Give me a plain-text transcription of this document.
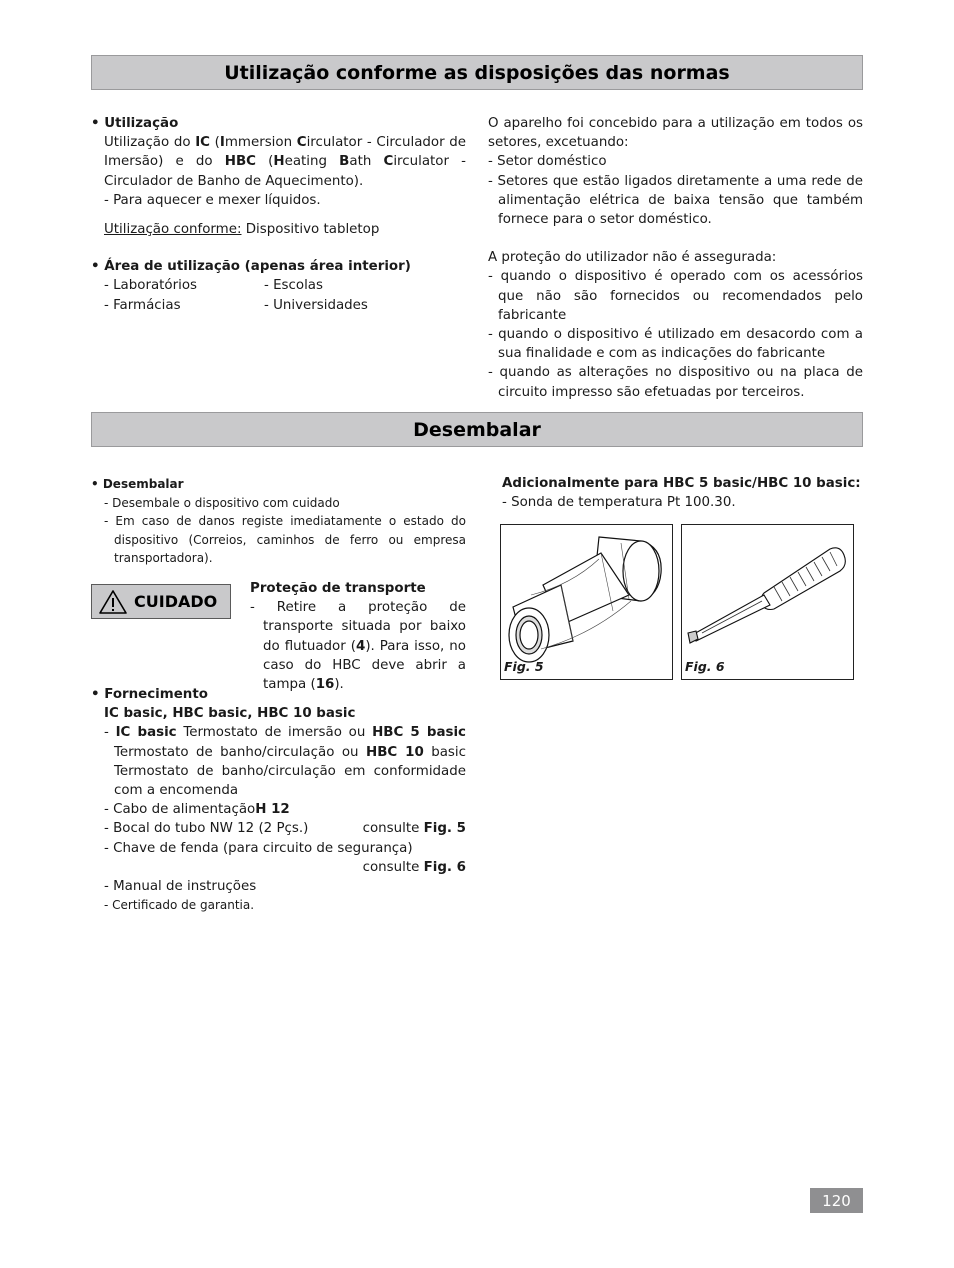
Utilização conforme as disposições das normas

• Utilização

Utilização do IC (Immersion Circulator - Circulador de Imersão) e do HBC (Heating Bath Circulator - Circulador de Banho de Aquecimento).

- Para aquecer e mexer líquidos.

Utilização conforme: Dispositivo tabletop

• Área de utilização (apenas área interior)

- Laboratórios	- Escolas
- Farmácias	- Universidades

O aparelho foi concebido para a utilização em todos os setores, excetuando:

- Setor doméstico

- Setores que estão ligados diretamente a uma rede de alimentação elétrica de baixa tensão que também fornece para o setor doméstico.

A proteção do utilizador não é assegurada:

- quando o dispositivo é operado com os acessórios que não são fornecidos ou recomendados pelo fabricante

- quando o dispositivo é utilizado em desacordo com a sua finalidade e com as indicações do fabricante

- quando as alterações no dispositivo ou na placa de circuito impresso são efetuadas por terceiros.

Desembalar

• Desembalar

- Desembale o dispositivo com cuidado

- Em caso de danos registe imediatamente o estado do dispositivo (Correios, caminhos de ferro ou empresa transportadora).

CUIDADO

Proteção de transporte

- Retire a proteção de transporte situada por baixo do flutuador (4). Para isso, no caso do HBC deve abrir a tampa (16).

• Fornecimento

IC basic, HBC basic, HBC 10 basic

- IC basic Termostato de imersão ou HBC 5 basic Termostato de banho/circulação ou HBC 10 basic Termostato de banho/circulação em conformidade com a encomenda

- Cabo de alimentaçãoH 12

- Bocal do tubo NW 12 (2 Pçs.)	consulte Fig. 5

- Chave de fenda (para circuito de segurança)

consulte Fig. 6

- Manual de instruções

- Certificado de garantia.

Adicionalmente para HBC 5 basic/HBC 10 basic:

- Sonda de temperatura Pt 100.30.

Fig. 5	Fig. 6
120
